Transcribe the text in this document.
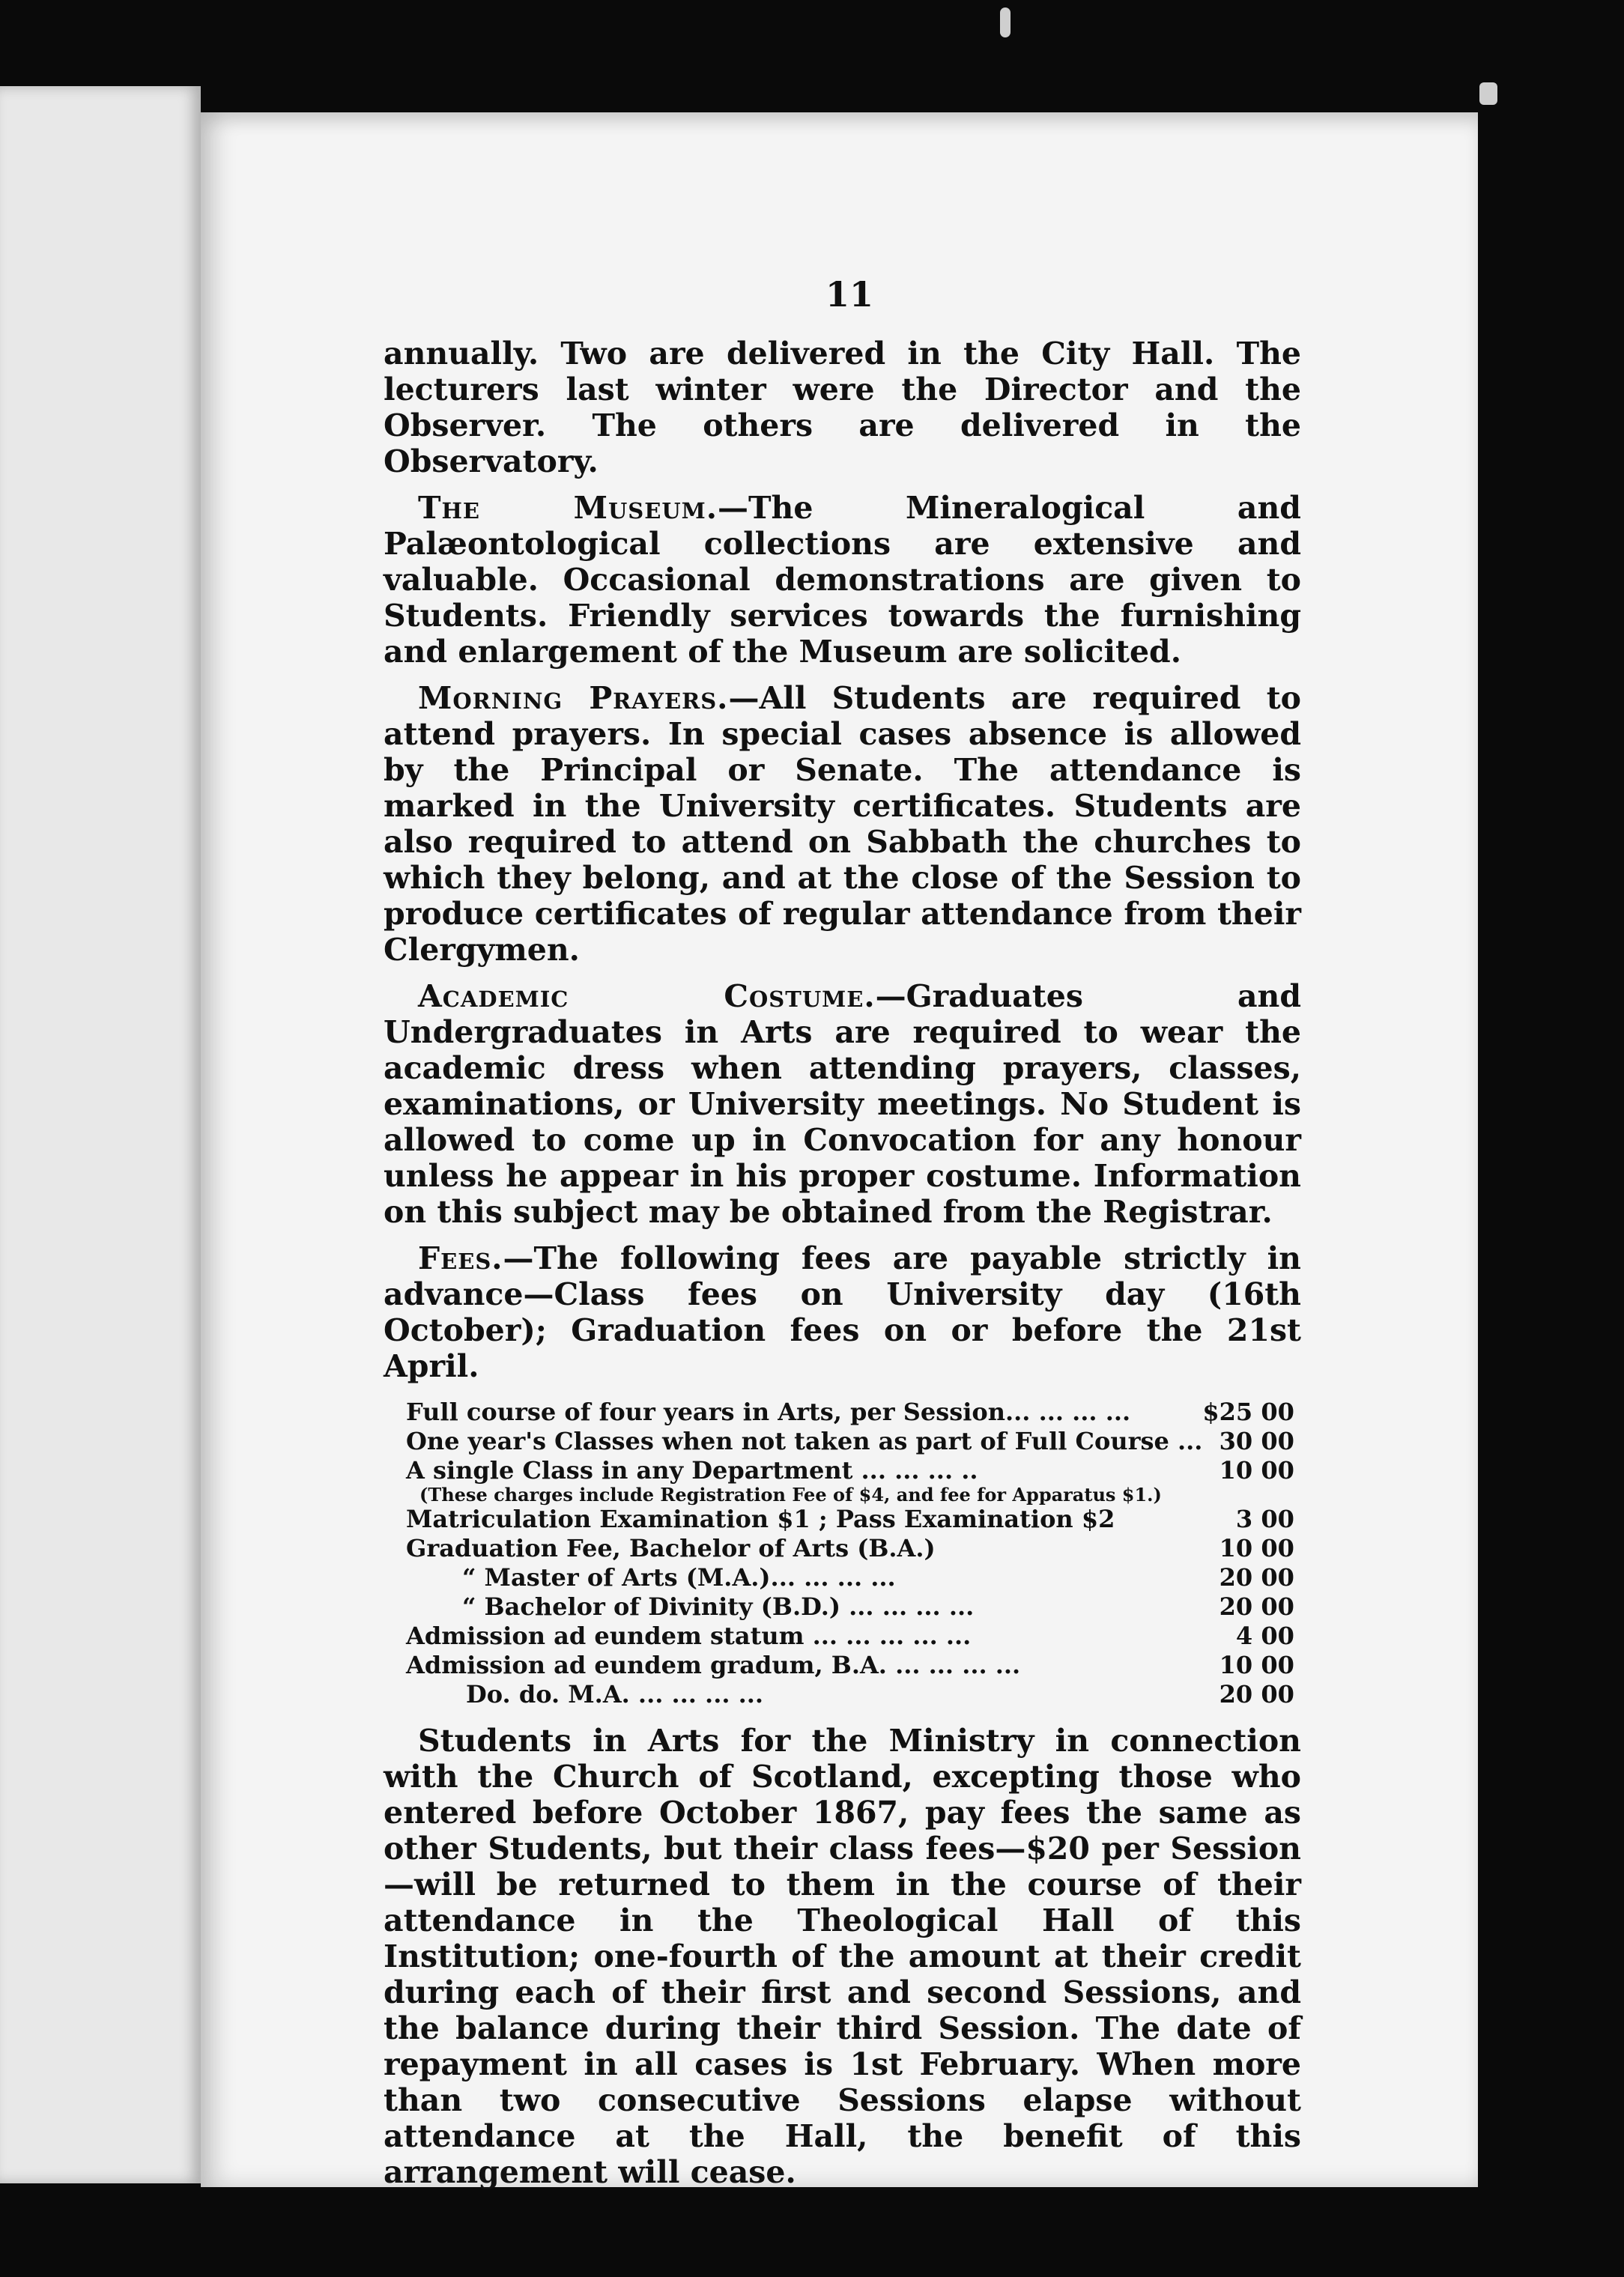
11

annually. Two are delivered in the City Hall. The lecturers last winter were the Director and the Observer. The others are delivered in the Observatory.

The Museum.—The Mineralogical and Palæontological collections are extensive and valuable. Occasional demonstrations are given to Students. Friendly services towards the furnishing and enlargement of the Museum are solicited.

Morning Prayers.—All Students are required to attend prayers. In special cases absence is allowed by the Principal or Senate. The attendance is marked in the University certificates. Students are also required to attend on Sabbath the churches to which they belong, and at the close of the Session to produce certificates of regular attendance from their Clergymen.

Academic Costume.—Graduates and Undergraduates in Arts are required to wear the academic dress when attending prayers, classes, examinations, or University meetings. No Student is allowed to come up in Convocation for any honour unless he appear in his proper costume. Information on this subject may be obtained from the Registrar.

Fees.—The following fees are payable strictly in advance—Class fees on University day (16th October); Graduation fees on or before the 21st April.

Full course of four years in Arts, per Session... ... ... ...	$25 00
One year's Classes when not taken as part of Full Course ...	30 00
A single Class in any Department ... ... ... ..	10 00
(These charges include Registration Fee of $4, and fee for Apparatus $1.)	
Matriculation Examination $1 ; Pass Examination $2	3 00
Graduation Fee, Bachelor of Arts (B.A.)	10 00
“ Master of Arts (M.A.)... ... ... ...	20 00
“ Bachelor of Divinity (B.D.) ... ... ... ...	20 00
Admission ad eundem statum ... ... ... ... ...	4 00
Admission ad eundem gradum, B.A. ... ... ... ...	10 00
Do. do. M.A. ... ... ... ...	20 00

Students in Arts for the Ministry in connection with the Church of Scotland, excepting those who entered before October 1867, pay fees the same as other Students, but their class fees—$20 per Session—will be returned to them in the course of their attendance in the Theological Hall of this Institution; one-fourth of the amount at their credit during each of their first and second Sessions, and the balance during their third Session. The date of repayment in all cases is 1st February. When more than two consecutive Sessions elapse without attendance at the Hall, the benefit of this arrangement will cease.
